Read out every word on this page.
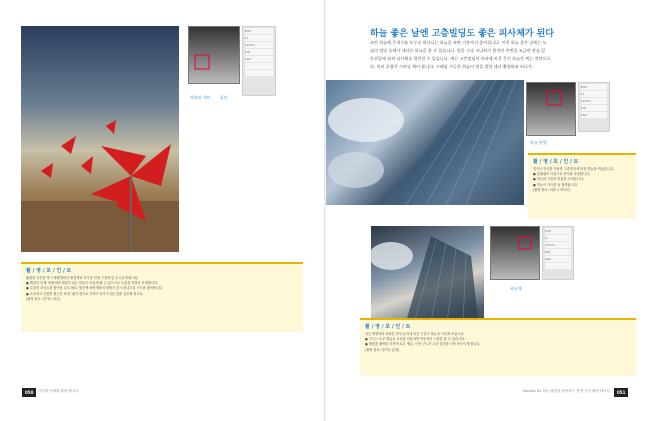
매장된 세트 필터
f/22
1/
12mm
ISO
100
-
-
촬 / 영 / 포 / 인 / 트
활용한 사진을 찍기 바람개비의 빨강색과 작가다 전체 구성에 맞 추시길 바랍니다.
● 해질녘 단계: 바람개비 배경이 되는 하늘이 어둡게 될 수 있으므로 노출을 적절히 보정합니다.
● 특정한 포인트를 찾아볼 수도 필요: 빨간색 바람개비의 형태가 잘 드러나도록 구도를 잡아봅니다.
● 소소하고 특별한 원근감 표현: 광각 렌즈로 가까이 다가가 원근감을 강조해 봅니다.
(촬영 장소: 경기도 파주)
하늘 좋은 날엔 고층빌딩도 좋은 피사체가 된다
파란 하늘에 뭉게구름 두둥실 떠다니는 하늘을 보면 기분까지 좋아집니다. 이런 하늘 좋은 날에는 도
심의 빌딩 숲에서 색다른 하늘을 볼 수 있습니다. 빗종 그냥 지나쳐가 원지만 주변을 조금만 관심 있
등잔밑에 펼쳐 피사체를 발견할 수 있습니다. 매끈 고층빌딩의 유리에 비친 뭉친 하늘은 찍는 것만으로
다. 특히 초광각 시야를 찍어 봅니다. 프레임 가득한 하늘이 빛을 발할 테니 촬영하러 떠나가.
하늘 반영
f/22
1/
12mm
ISO
100
촬 / 영 / 포 / 인 / 트
빛이나 반사를 이용한 고층빌딩에 비친 하늘을 찍었습니다.
● 편광필터 사용으로 반사를 조절합니다.
● 하늘과 구름의 비율을 고려합니다.
● 하늘이 가득한 날 촬영합니다.
(촬영 장소: 서울시 여의도)
하늘채
f/22
1/
12mm
ISO
100
-
촬 / 영 / 포 / 인 / 트
다른 방향에서 바라본 빌딩 유리에 비친 구름이 하늘과 이어져 보입니다.
● 구도는 로우 앵글로 사선을 이용하면 역동적인 느낌을 줄 수 있습니다.
● 배경을 촬영한 사진에 로우 앵글, 사선 구도가 고층 빌딩을 더욱 돋보이게 합니다.
(촬영 장소: 경기도 분당)
050	디지털 카메라 촬영 테크닉	Section 01 하늘 배경을 담아보는 풍경 사진 촬영 테크닉	051
